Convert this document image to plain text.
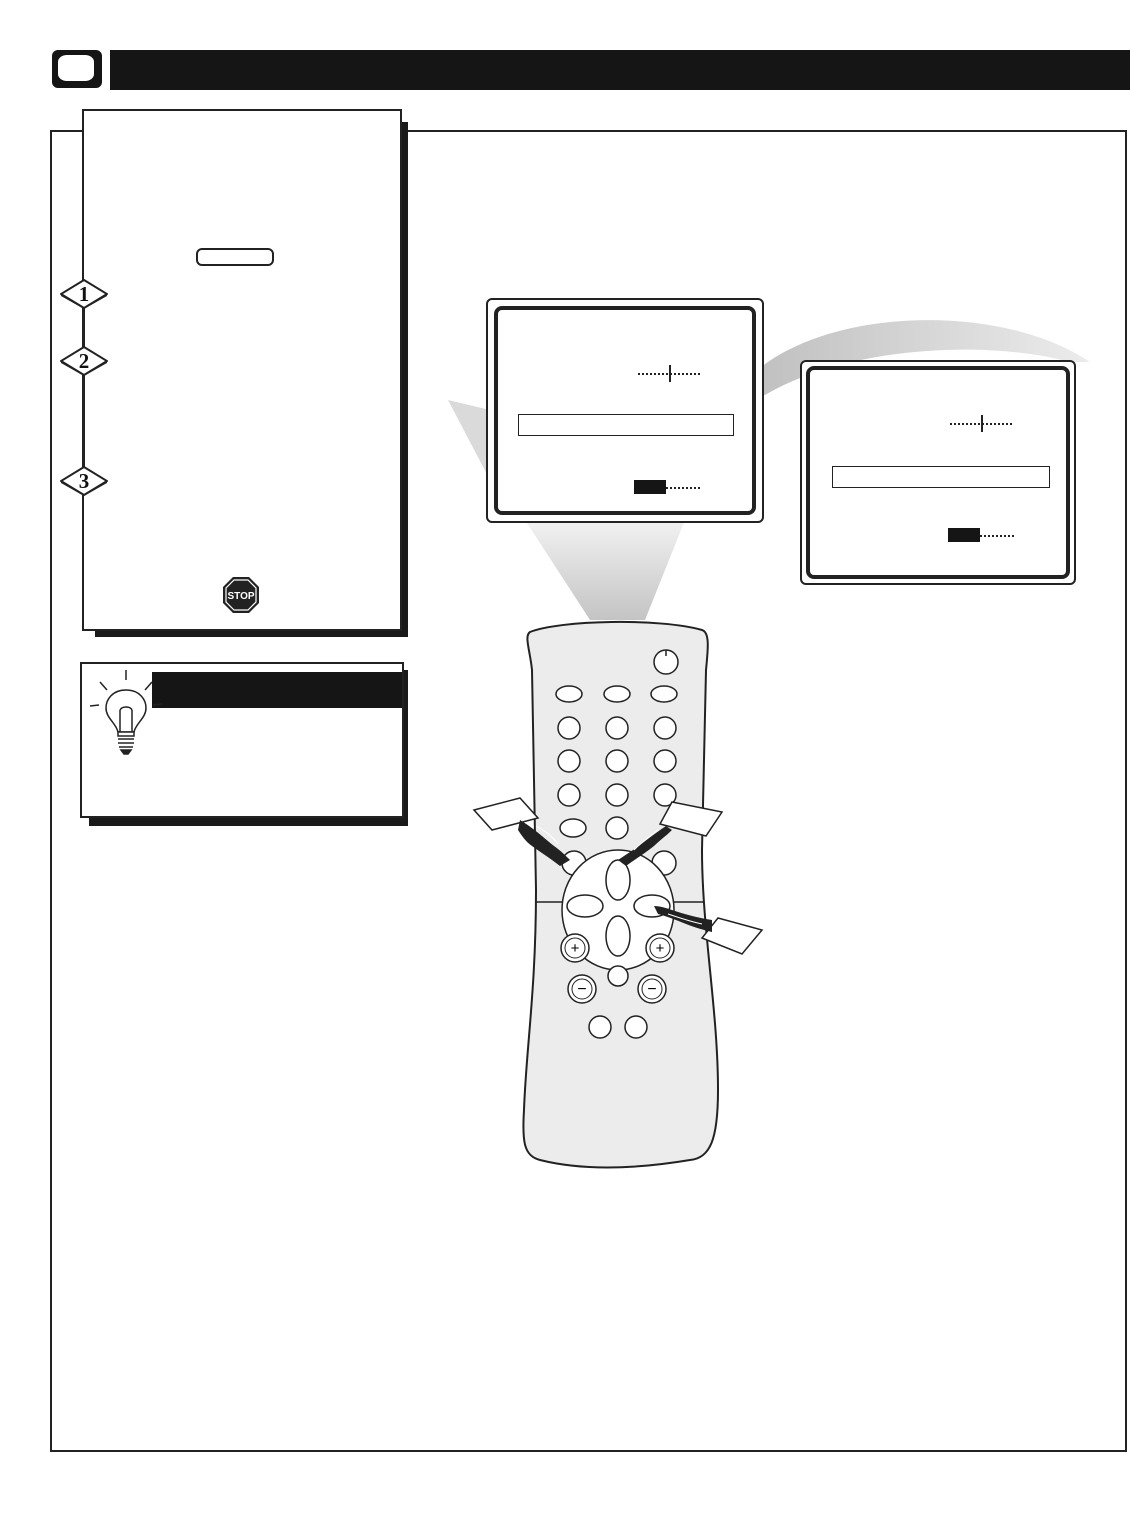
1
2
3
STOP
+	+
−	−
